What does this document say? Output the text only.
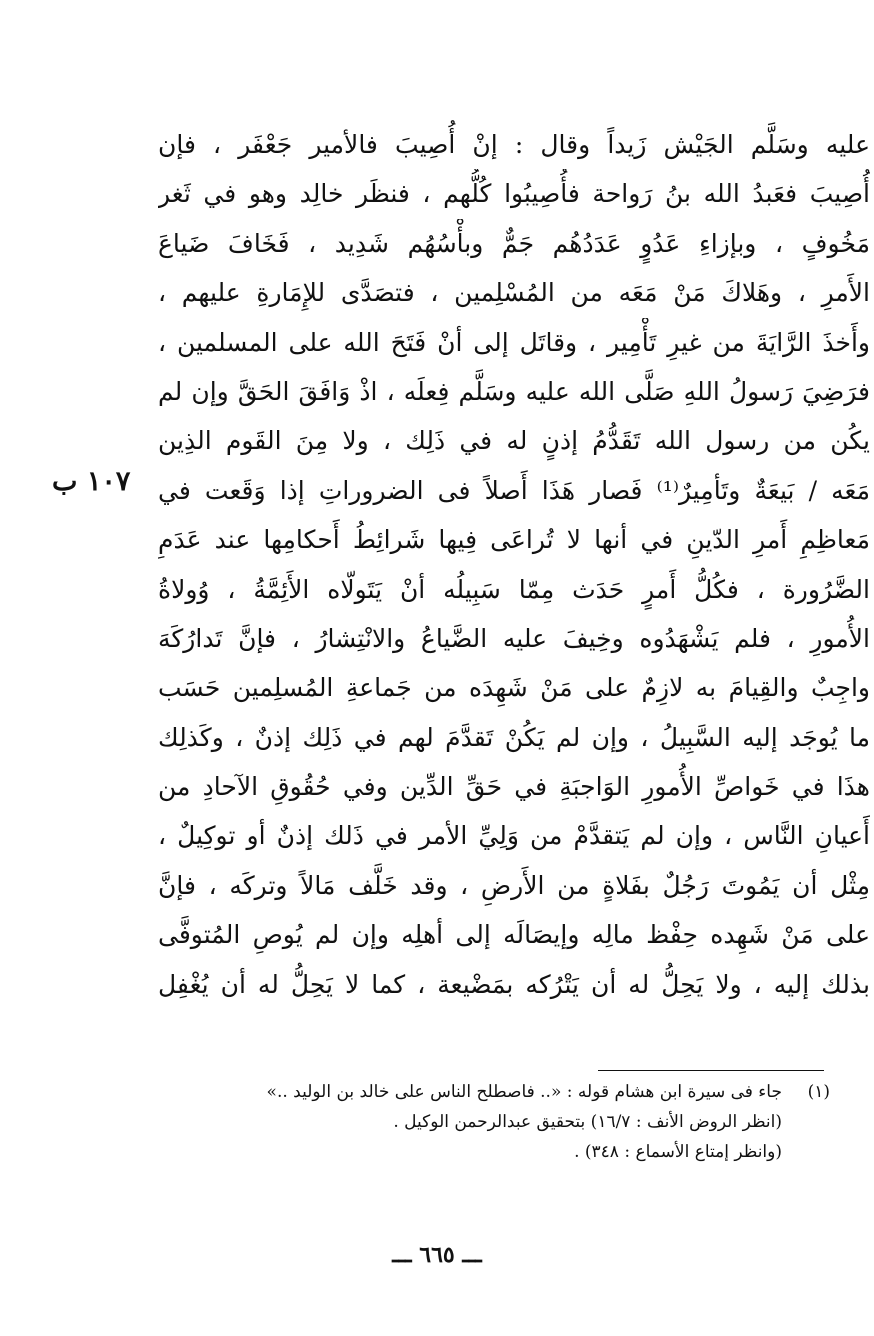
عليه وسَلَّم الجَيْش زَيداً وقال : إنْ أُصِيبَ فالأمير جَعْفَر ، فإن
أُصِيبَ فعَبدُ الله بنُ رَواحة فأُصِيبُوا كُلُّهم ، فنظَر خالِد وهو في ثَغر
مَخُوفٍ ، وبإزاءِ عَدُوٍ عَدَدُهُم جَمٌّ وبأْسُهُم شَدِيد ، فَخَافَ ضَياعَ
الأَمرِ ، وهَلاكَ مَنْ مَعَه من المُسْلِمين ، فتصَدَّى للإِمَارةِ عليهم ،
وأَخذَ الرَّايَةَ من غيرِ تَأْمِير ، وقاتَل إلى أنْ فَتَحَ الله على المسلمين ،
فرَضِيَ رَسولُ اللهِ صَلَّى الله عليه وسَلَّم فِعلَه ، اذْ وَافَقَ الحَقَّ وإن لم
يكُن من رسول الله تَقَدُّمُ إذنٍ له في ذَلِك ، ولا مِنَ القَوم الذِين
مَعَه / بَيعَةٌ وتَأمِيرٌ⁽¹⁾ فَصار هَذَا أَصلاً فى الضروراتِ إذا وَقَعت في
مَعاظِمِ أَمرِ الدّينِ في أنها لا تُراعَى فِيها شَرائِطُ أَحكامِها عند عَدَمِ
الضَّرُورة ، فكُلُّ أَمرٍ حَدَث مِمّا سَبِيلُه أنْ يَتَولّاه الأَئِمَّةُ ، وُولاةُ
الأُمورِ ، فلم يَشْهَدُوه وخِيفَ عليه الضَّياعُ والانْتِشارُ ، فإنَّ تَدارُكَهَ
واجِبٌ والقِيامَ به لازِمٌ على مَنْ شَهِدَه من جَماعةِ المُسلِمين حَسَب
ما يُوجَد إليه السَّبِيلُ ، وإن لم يَكُنْ تَقدَّمَ لهم في ذَلِك إذنٌ ، وكَذلِك
هذَا في خَواصِّ الأُمورِ الوَاجبَةِ في حَقِّ الدِّين وفي حُقُوقِ الآحادِ من
أَعيانِ النَّاس ، وإن لم يَتقدَّمْ من وَلِيِّ الأمر في ذَلك إذنٌ أو توكِيلٌ ،
مِثْل أن يَمُوتَ رَجُلٌ بفَلاةٍ من الأَرضِ ، وقد خَلَّف مَالاً وتركَه ، فإنَّ
على مَنْ شَهِده حِفْظ مالِه وإيصَالَه إلى أهلِه وإن لم يُوصِ المُتوفَّى
بذلك إليه ، ولا يَحِلُّ له أن يَتْرُكه بمَضْيعة ، كما لا يَحِلُّ له أن يُغْفِل
١٠٧ ب
(١)
جاء فى سيرة ابن هشام قوله : «.. فاصطلح الناس على خالد بن الوليد ..»
(انظر الروض الأنف : ١٦/٧) بتحقيق عبدالرحمن الوكيل .
(وانظر إمتاع الأسماع : ٣٤٨) .
ـــ ٦٦٥ ـــ
